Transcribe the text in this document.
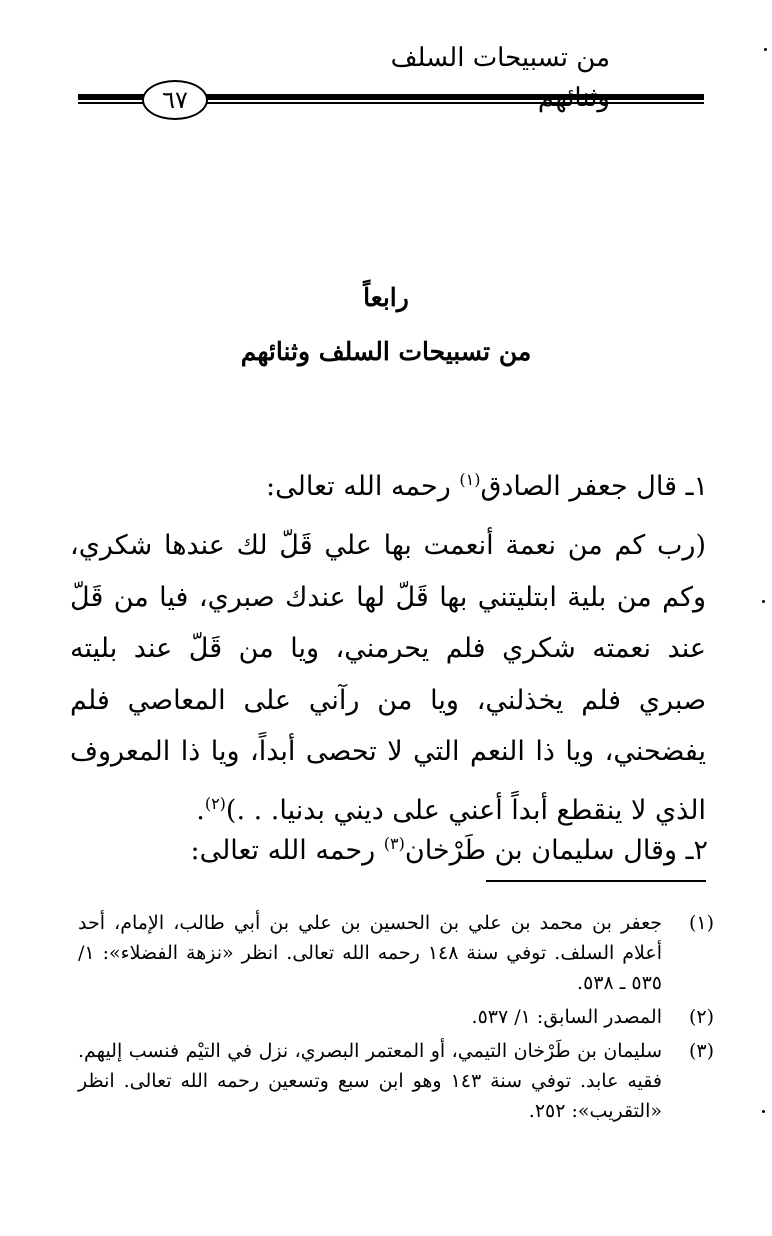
من تسبيحات السلف
٦٧
رابعاً
من تسبيحات السلف وثنائهم
١ـ قال جعفر الصادق$^{(١)}$ رحمه الله تعالى:
(رب كم من نعمة أنعمت بها علي قَلّ لك عندها شكري، وكم من بلية ابتليتني بها قَلّ لها عندك صبري، فيا من قَلّ عند نعمته شكري فلم يحرمني، ويا من قَلّ عند بليته صبري فلم يخذلني، ويا من رآني على المعاصي فلم يفضحني، ويا ذا النعم التي لا تحصى أبداً، ويا ذا المعروف الذي لا ينقطع أبداً أعني على ديني بدنيا. . .)$^{(٢)}$.
٢ـ وقال سليمان بن طَرْخان$^{(٣)}$ رحمه الله تعالى:
(١)
جعفر بن محمد بن علي بن الحسين بن علي بن أبي طالب، الإمام، أحد أعلام السلف. توفي سنة ١٤٨ رحمه الله تعالى. انظر «نزهة الفضلاء»: ١/ ٥٣٥ ـ ٥٣٨.
(٢)
المصدر السابق: ١/ ٥٣٧.
(٣)
سليمان بن طَرْخان التيمي، أو المعتمر البصري، نزل في التيْم فنسب إليهم. فقيه عابد. توفي سنة ١٤٣ وهو ابن سبع وتسعين رحمه الله تعالى. انظر «التقريب»: ٢٥٢.
